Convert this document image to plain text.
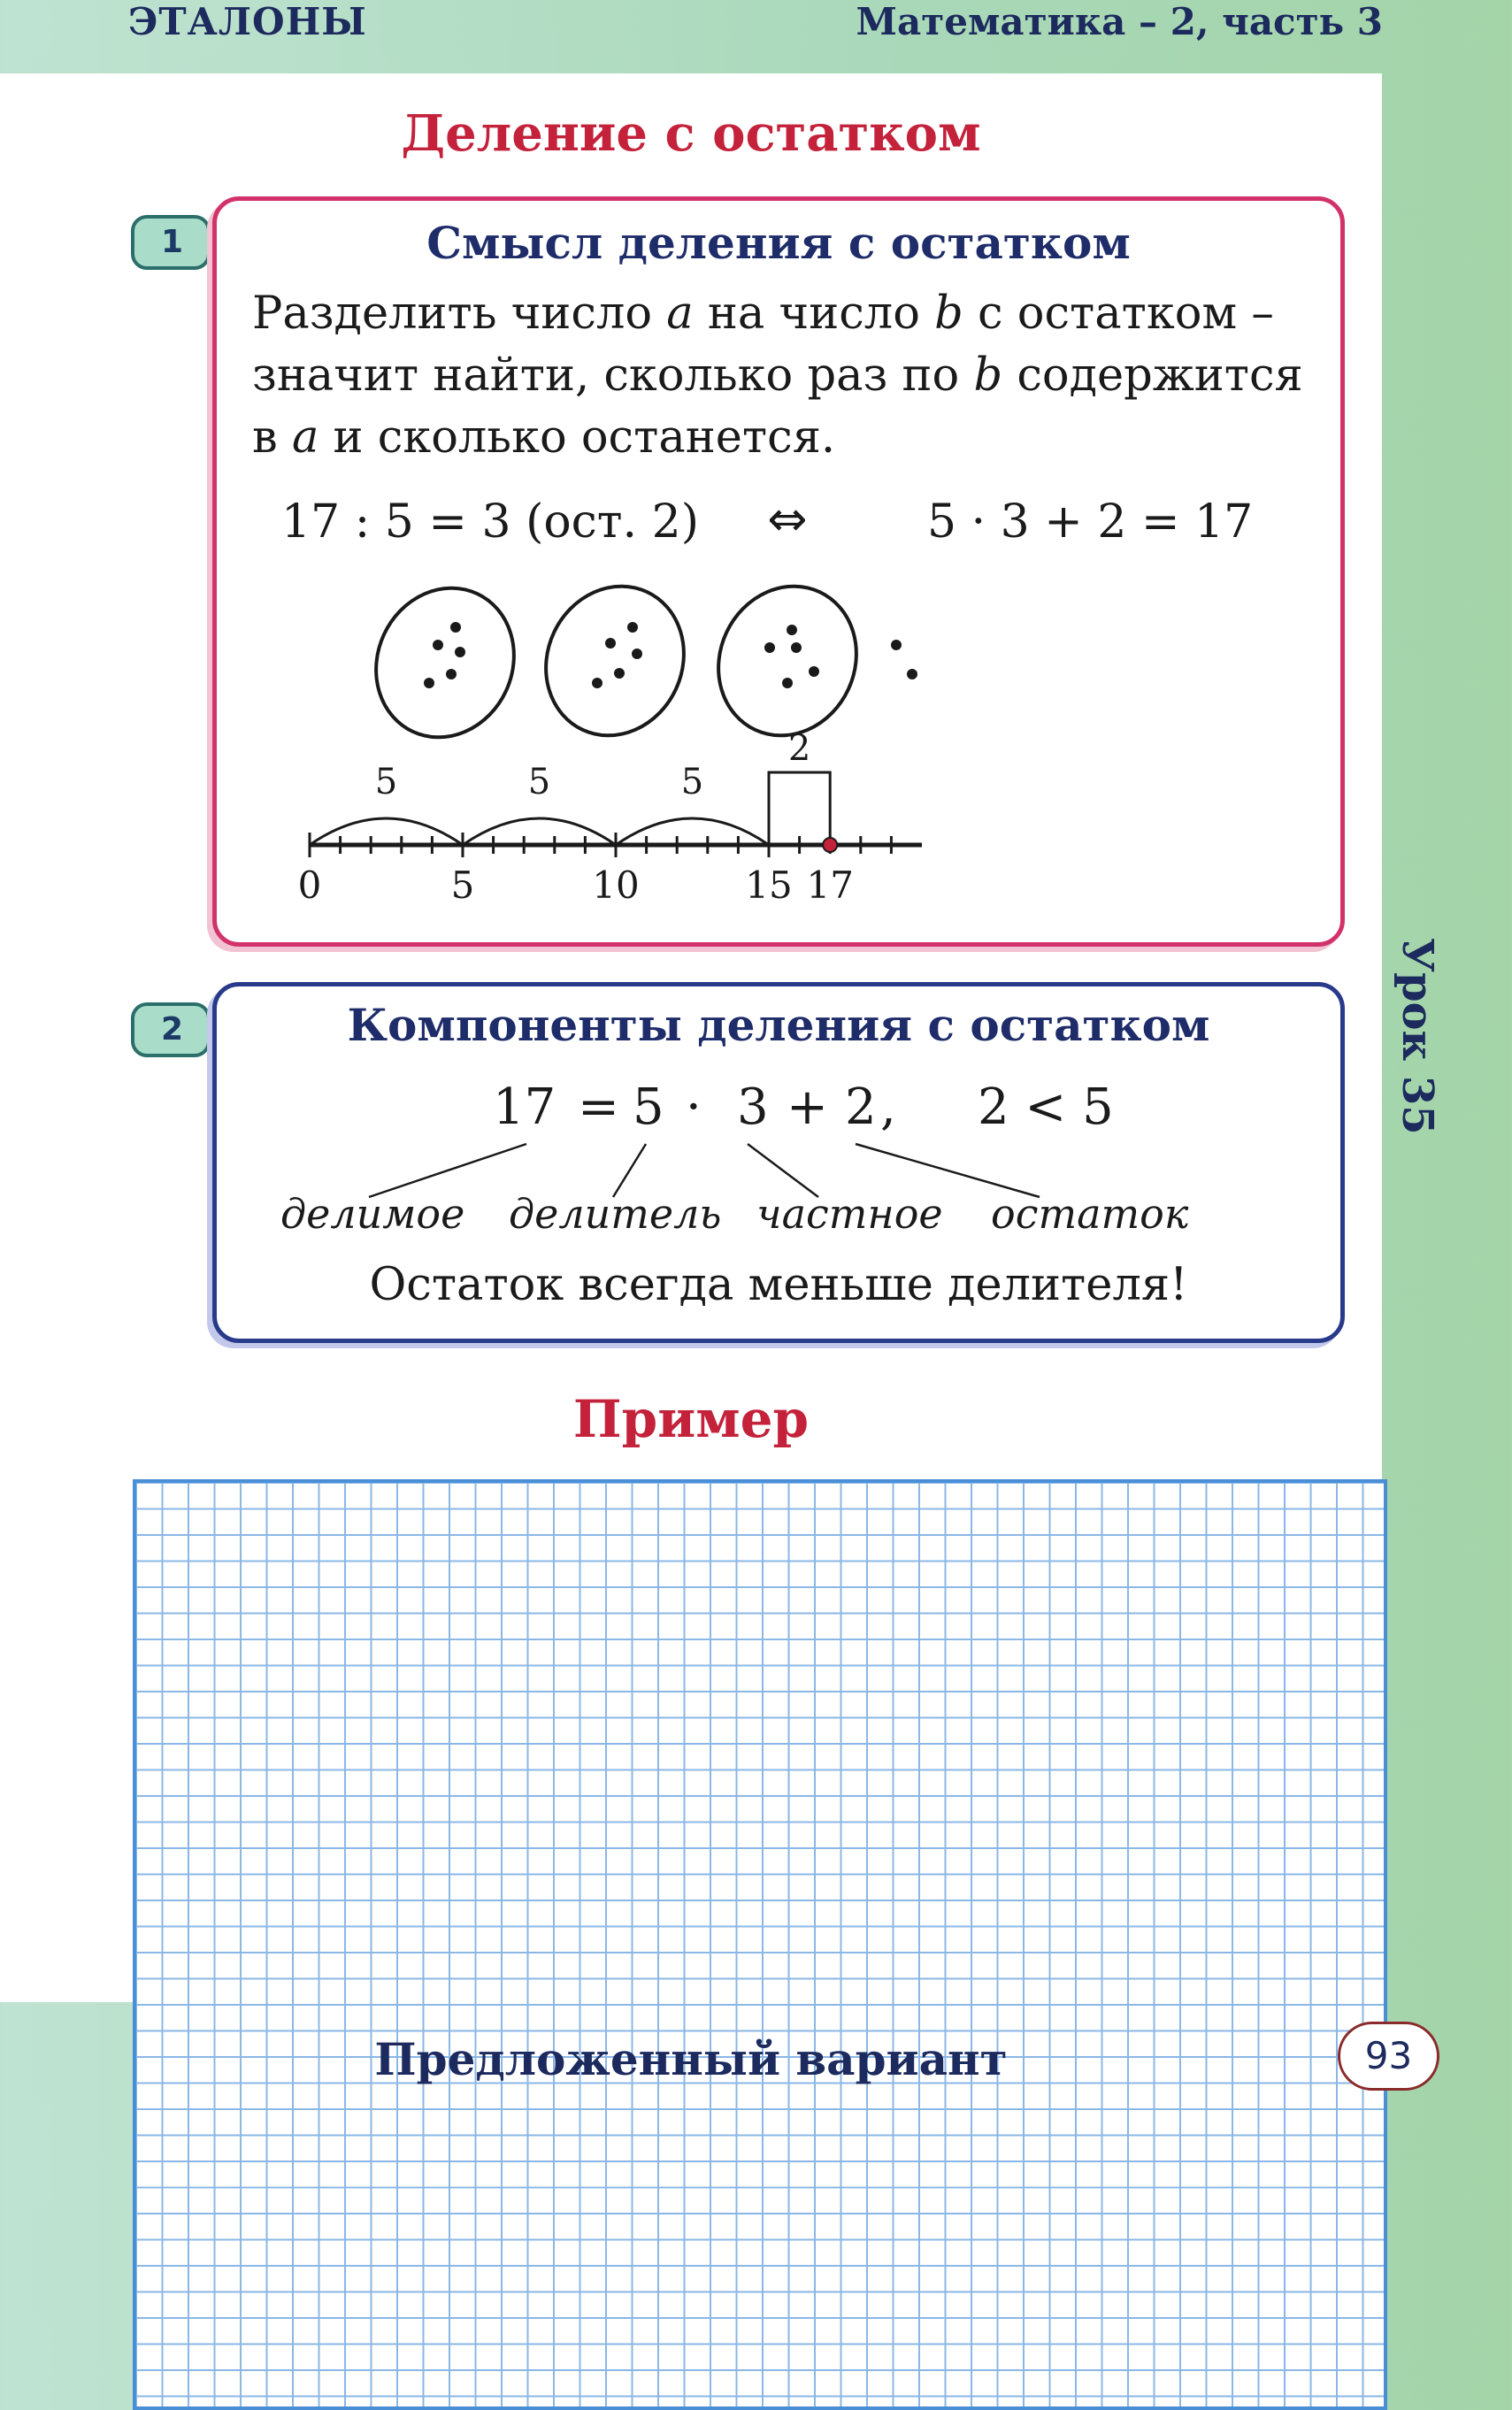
ЭТАЛОНЫ	Математика – 2, часть 3
Деление с остатком
1	Смысл деления с остатком
Разделить число a на число b с остатком –
значит найти, сколько раз по b содержится
в a и сколько останется.
17 : 5 = 3 (ост. 2) ⇔	5 · 3 + 2 = 17
5	5	5
2
0	5	10	15 17
2	Компоненты деления с остатком
17 = 5 · 3 + 2 , 2 < 5
делимое делитель частное остаток
Остаток всегда меньше делителя!
Пример
Предложенный вариант	93
Урок 35
